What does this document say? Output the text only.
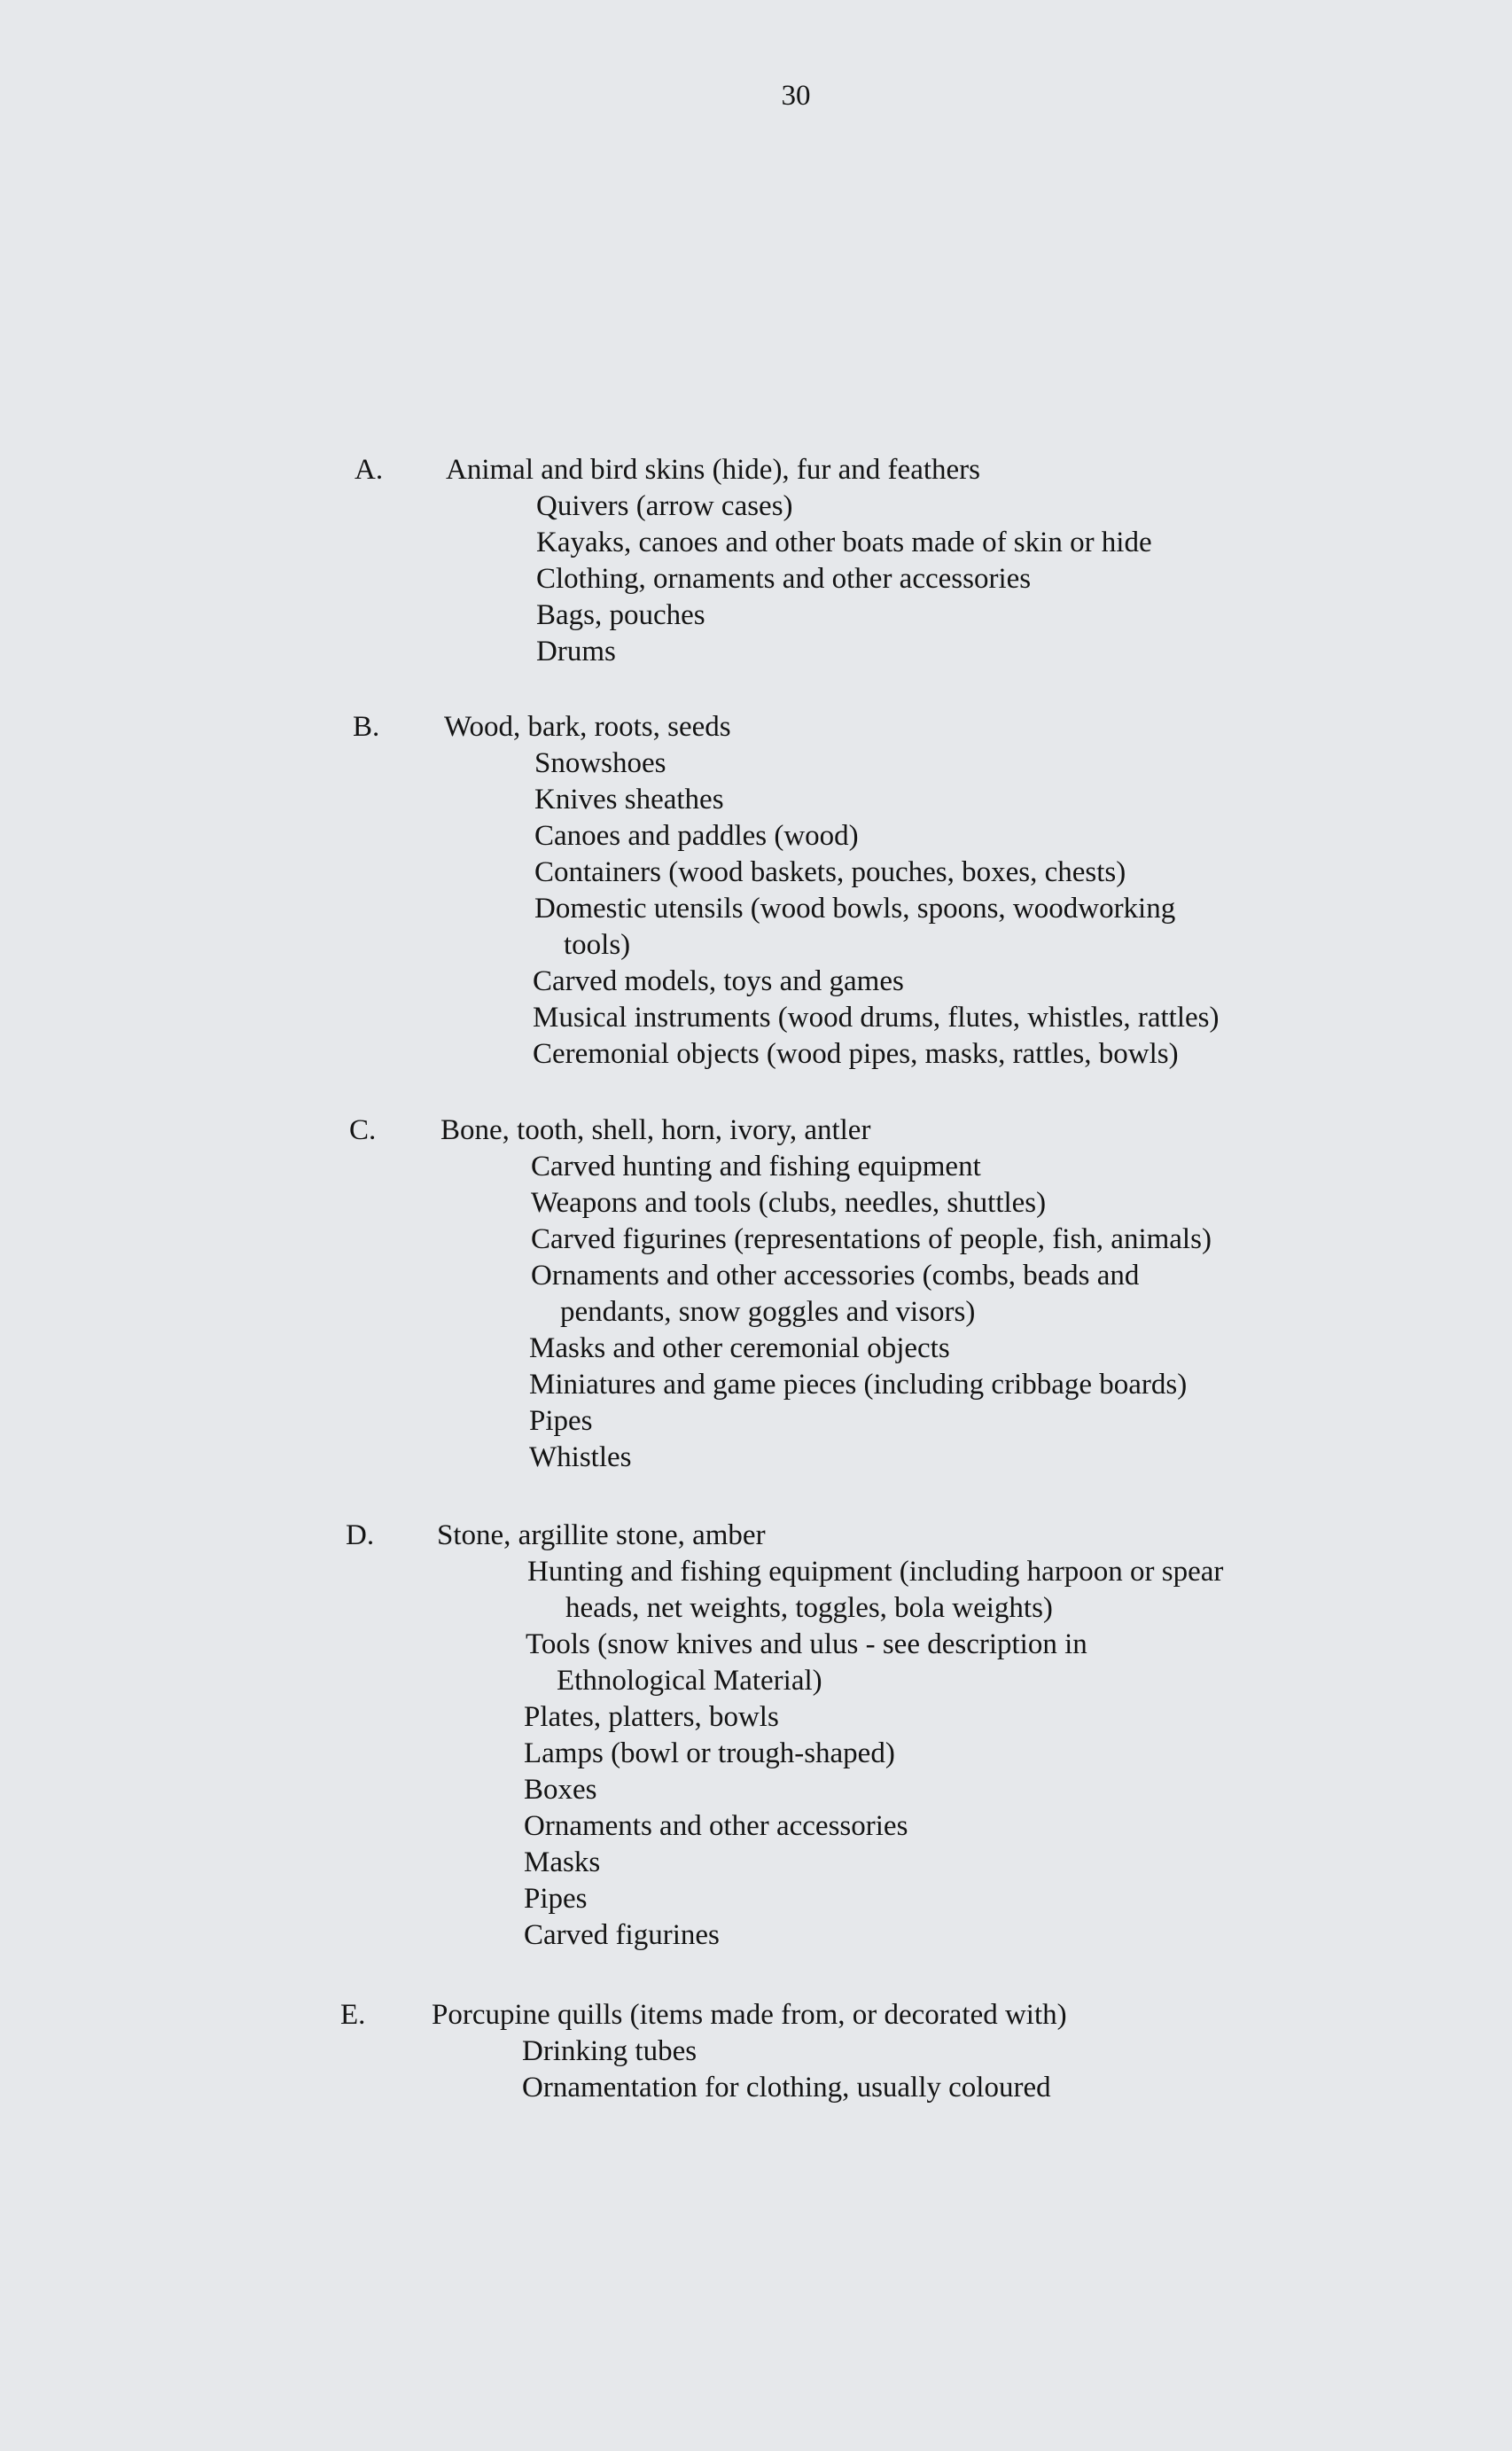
30
A. Animal and bird skins (hide), fur and feathers
Quivers (arrow cases)
Kayaks, canoes and other boats made of skin or hide
Clothing, ornaments and other accessories
Bags, pouches
Drums
B. Wood, bark, roots, seeds
Snowshoes
Knives sheathes
Canoes and paddles (wood)
Containers (wood baskets, pouches, boxes, chests)
Domestic utensils (wood bowls, spoons, woodworking
tools)
Carved models, toys and games
Musical instruments (wood drums, flutes, whistles, rattles)
Ceremonial objects (wood pipes, masks, rattles, bowls)
C. Bone, tooth, shell, horn, ivory, antler
Carved hunting and fishing equipment
Weapons and tools (clubs, needles, shuttles)
Carved figurines (representations of people, fish, animals)
Ornaments and other accessories (combs, beads and
pendants, snow goggles and visors)
Masks and other ceremonial objects
Miniatures and game pieces (including cribbage boards)
Pipes
Whistles
D. Stone, argillite stone, amber
Hunting and fishing equipment (including harpoon or spear
heads, net weights, toggles, bola weights)
Tools (snow knives and ulus - see description in
Ethnological Material)
Plates, platters, bowls
Lamps (bowl or trough-shaped)
Boxes
Ornaments and other accessories
Masks
Pipes
Carved figurines
E. Porcupine quills (items made from, or decorated with)
Drinking tubes
Ornamentation for clothing, usually coloured
